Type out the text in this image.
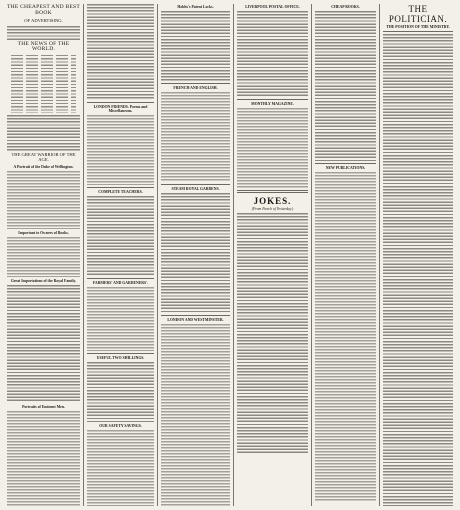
THE CHEAPEST AND BEST BOOK
OF ADVERTISING.
THE NEWS OF THE WORLD.
THE GREAT WARRIOR OF THE AGE.
A Portrait of the Duke of Wellington.
Important to Owners of Books.
Great Importations of the Royal Family.
Portraits of Eminent Men.
LONDON FRIENDS. Poems and Miscellaneous.
COMPLETE TEACHERS.
FARMERS' AND GARDENERS'.
USEFUL TWO SHILLINGS.
OUR SAFETY SAVINGS.
Hobbs's Patent Locks.
FRENCH AND ENGLISH.
STEAM ROYAL GARDENS.
LONDON AND WESTMINSTER.
LIVERPOOL POSTAL OFFICE.
MONTHLY MAGAZINE.
JOKES.
(From Punch of Yesterday.)
CHEAP BOOKS.
NEW PUBLICATIONS.
THE POLITICIAN.
THE POSITION OF THE MINISTRY.
